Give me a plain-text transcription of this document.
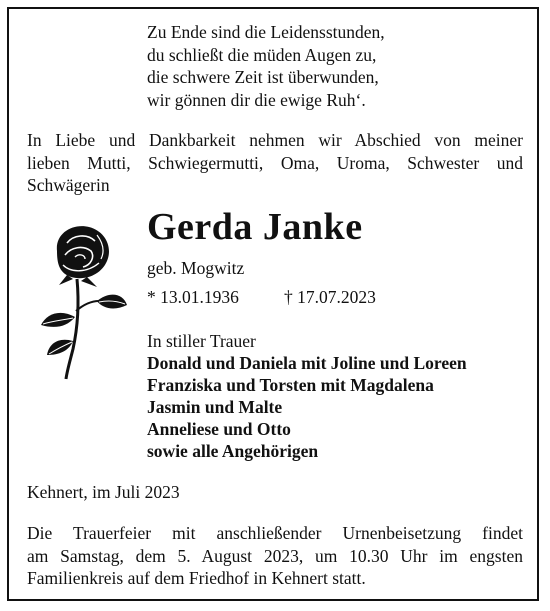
Zu Ende sind die Leidensstunden,
du schließt die müden Augen zu,
die schwere Zeit ist überwunden,
wir gönnen dir die ewige Ruh‘.
In Liebe und Dankbarkeit nehmen wir Abschied von meiner
lieben Mutti, Schwiegermutti, Oma, Uroma, Schwester und
Schwägerin
Gerda Janke
geb. Mogwitz
* 13.01.1936	† 17.07.2023
In stiller Trauer
Donald und Daniela mit Joline und Loreen
Franziska und Torsten mit Magdalena
Jasmin und Malte
Anneliese und Otto
sowie alle Angehörigen
Kehnert, im Juli 2023
Die Trauerfeier mit anschließender Urnenbeisetzung findet
am Samstag, dem 5. August 2023, um 10.30 Uhr im engsten
Familienkreis auf dem Friedhof in Kehnert statt.
